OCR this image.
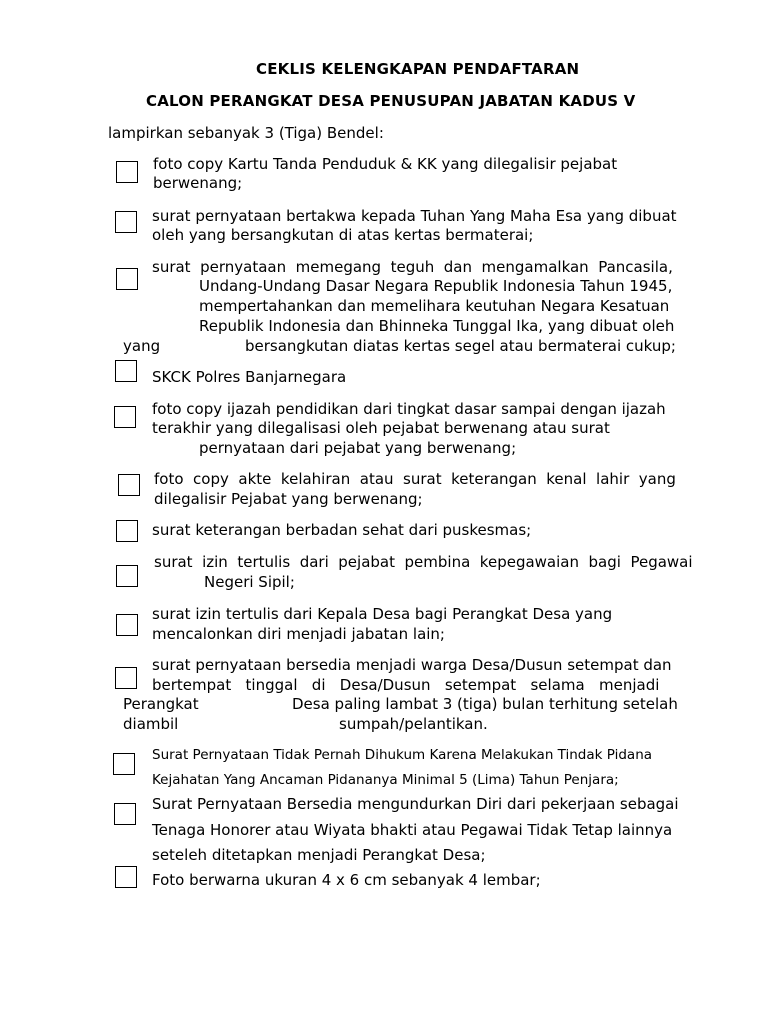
CEKLIS KELENGKAPAN PENDAFTARAN
CALON PERANGKAT DESA PENUSUPAN JABATAN KADUS V
lampirkan sebanyak 3 (Tiga) Bendel:
foto copy Kartu Tanda Penduduk & KK yang dilegalisir pejabat
berwenang;
surat pernyataan bertakwa kepada Tuhan Yang Maha Esa yang dibuat
oleh yang bersangkutan di atas kertas bermaterai;
surat  pernyataan  memegang  teguh  dan  mengamalkan  Pancasila,
Undang-Undang Dasar Negara Republik Indonesia Tahun 1945,
mempertahankan dan memelihara keutuhan Negara Kesatuan
Republik Indonesia dan Bhinneka Tunggal Ika, yang dibuat oleh
yang	bersangkutan diatas kertas segel atau bermaterai cukup;
SKCK Polres Banjarnegara
foto copy ijazah pendidikan dari tingkat dasar sampai dengan ijazah
terakhir yang dilegalisasi oleh pejabat berwenang atau surat
pernyataan dari pejabat yang berwenang;
foto  copy  akte  kelahiran  atau  surat  keterangan  kenal  lahir  yang
dilegalisir Pejabat yang berwenang;
surat keterangan berbadan sehat dari puskesmas;
surat  izin  tertulis  dari  pejabat  pembina  kepegawaian  bagi  Pegawai
Negeri Sipil;
surat izin tertulis dari Kepala Desa bagi Perangkat Desa yang
mencalonkan diri menjadi jabatan lain;
surat pernyataan bersedia menjadi warga Desa/Dusun setempat dan
bertempat   tinggal   di   Desa/Dusun   setempat   selama   menjadi
Perangkat	Desa paling lambat 3 (tiga) bulan terhitung setelah
diambil	sumpah/pelantikan.
Surat Pernyataan Tidak Pernah Dihukum Karena Melakukan Tindak Pidana
Kejahatan Yang Ancaman Pidananya Minimal 5 (Lima) Tahun Penjara;
Surat Pernyataan Bersedia mengundurkan Diri dari pekerjaan sebagai
Tenaga Honorer atau Wiyata bhakti atau Pegawai Tidak Tetap lainnya
seteleh ditetapkan menjadi Perangkat Desa;
Foto berwarna ukuran 4 x 6 cm sebanyak 4 lembar;
